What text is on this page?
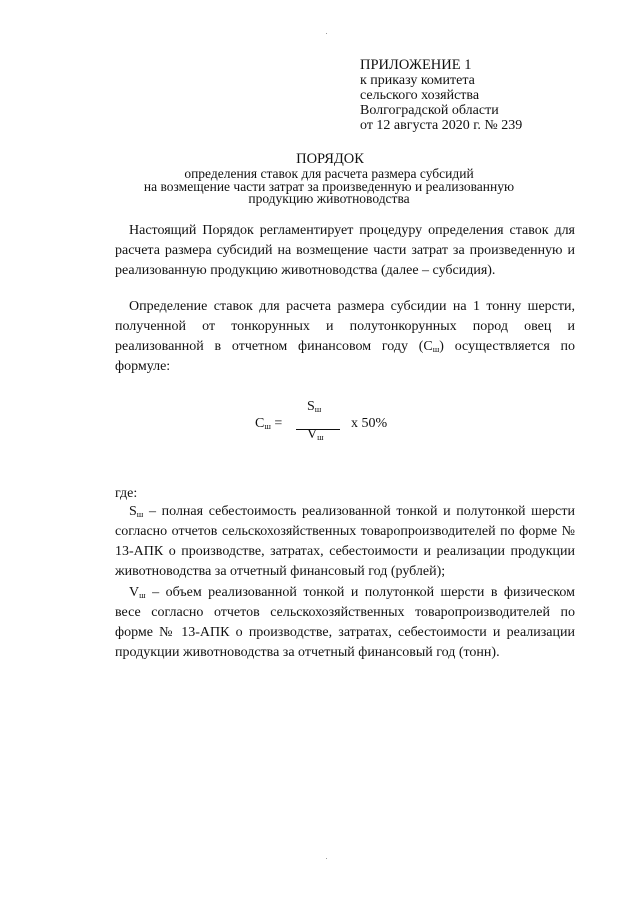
ПРИЛОЖЕНИЕ 1
к приказу комитета
сельского хозяйства
Волгоградской области
от 12 августа 2020 г. № 239
ПОРЯДОК
определения ставок для расчета размера субсидий
на возмещение части затрат за произведенную и реализованную
продукцию животноводства

Настоящий Порядок регламентирует процедуру определения ставок для расчета размера субсидий на возмещение части затрат за произведенную и реализованную продукцию животноводства (далее – субсидия).

Определение ставок для расчета размера субсидии на 1 тонну шерсти, полученной от тонкорунных и полутонкорунных пород овец и реализованной в отчетном финансовом году $(С_ш)$ осуществляется по формуле:

$С_ш$ =
$S_ш$
$V_ш$
х 50%
где:

$S_ш$ – полная себестоимость реализованной тонкой и полутонкой шерсти согласно отчетов сельскохозяйственных товаропроизводителей по форме № 13-АПК о производстве, затратах, себестоимости и реализации продукции животноводства за отчетный финансовый год (рублей);

$V_ш$ – объем реализованной тонкой и полутонкой шерсти в физическом весе согласно отчетов сельскохозяйственных товаропроизводителей по форме № 13-АПК о производстве, затратах, себестоимости и реализации продукции животноводства за отчетный финансовый год (тонн).
